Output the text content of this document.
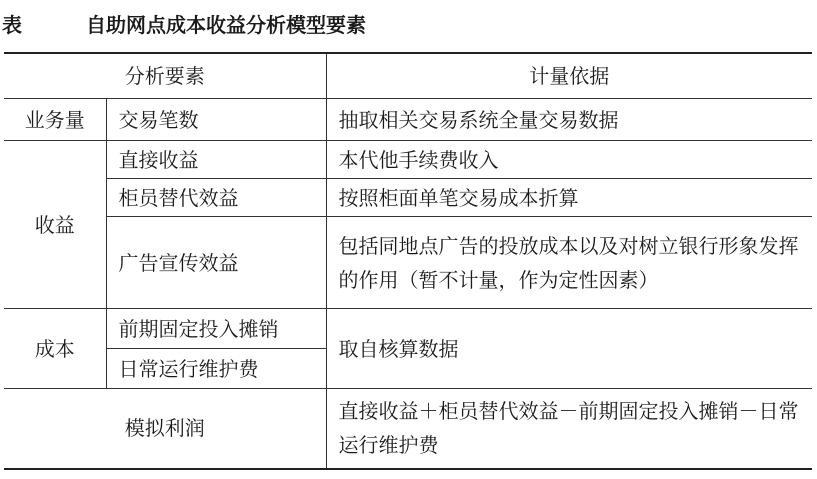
表	自助网点成本收益分析模型要素
分析要素		计量依据
业务量	交易笔数	抽取相关交易系统全量交易数据
收益	直接收益	本代他手续费收入
	柜员替代效益	按照柜面单笔交易成本折算
	广告宣传效益	包括同地点广告的投放成本以及对树立银行形象发挥的作用（暂不计量，作为定性因素）
成本	前期固定投入摊销	取自核算数据
	日常运行维护费	
模拟利润		直接收益＋柜员替代效益－前期固定投入摊销－日常运行维护费
